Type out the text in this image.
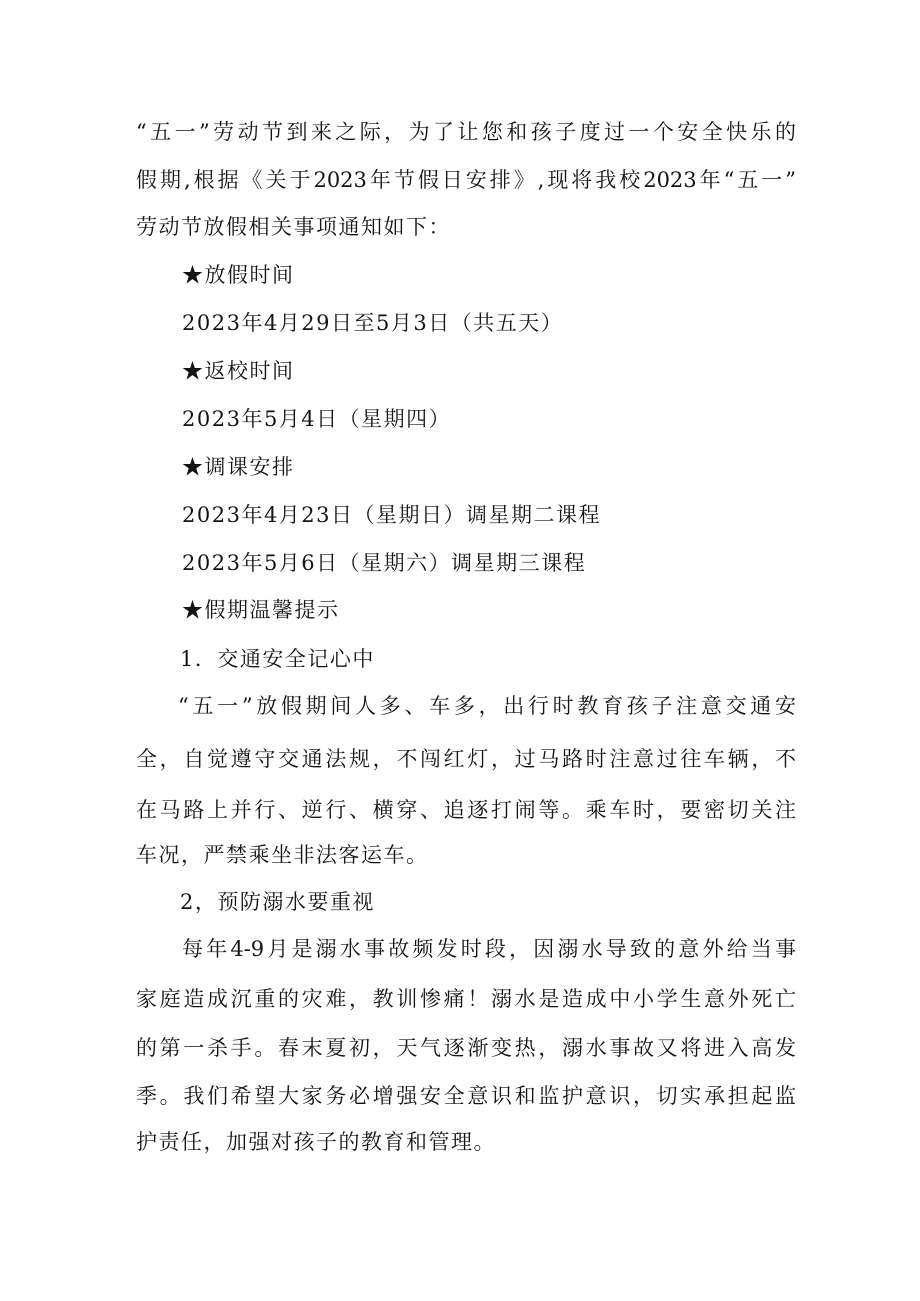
“五一”劳动节到来之际，为了让您和孩子度过一个安全快乐的
假期,根据《关于2023年节假日安排》,现将我校2023年“五一”
劳动节放假相关事项通知如下：
★放假时间
2023年4月29日至5月3日（共五天）
★返校时间
2023年5月4日（星期四）
★调课安排
2023年4月23日（星期日）调星期二课程
2023年5月6日（星期六）调星期三课程
★假期温馨提示
1．交通安全记心中
“五一”放假期间人多、车多，出行时教育孩子注意交通安
全，自觉遵守交通法规，不闯红灯，过马路时注意过往车辆，不
在马路上并行、逆行、横穿、追逐打闹等。乘车时，要密切关注
车况，严禁乘坐非法客运车。
2，预防溺水要重视
每年4-9月是溺水事故频发时段，因溺水导致的意外给当事
家庭造成沉重的灾难，教训惨痛！溺水是造成中小学生意外死亡
的第一杀手。春末夏初，天气逐渐变热，溺水事故又将进入高发
季。我们希望大家务必增强安全意识和监护意识，切实承担起监
护责任，加强对孩子的教育和管理。
